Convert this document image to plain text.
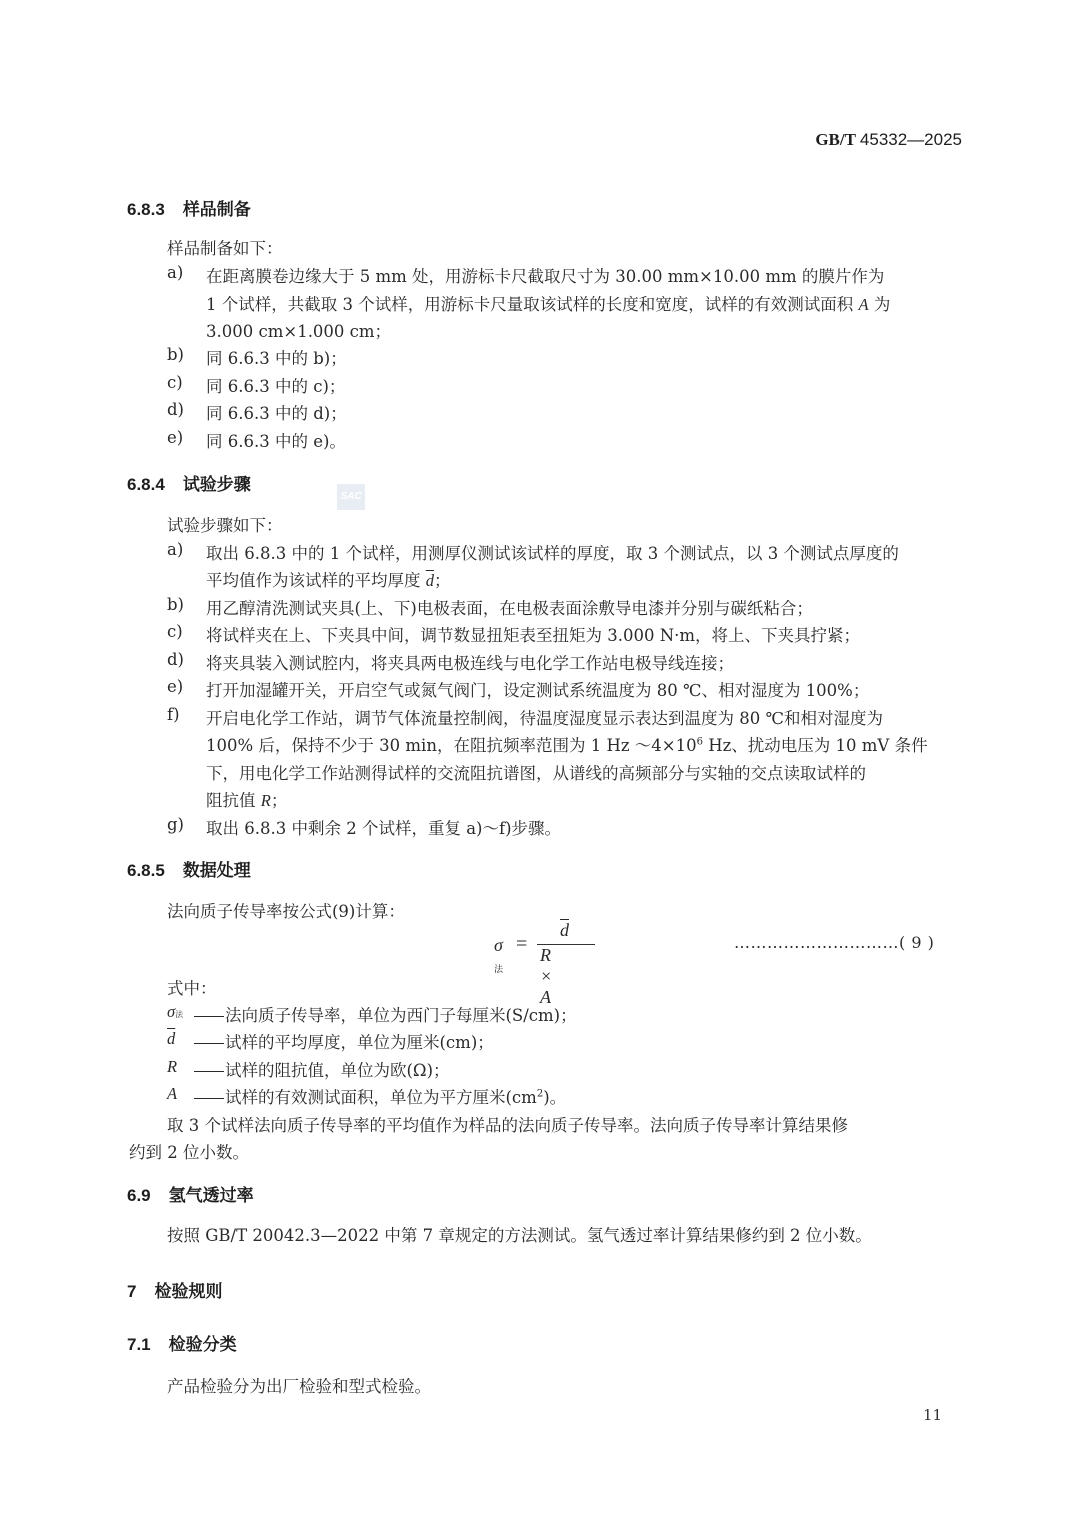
GB/T 45332—2025
6.8.3 样品制备
样品制备如下：
a) 在距离膜卷边缘大于 5 mm 处，用游标卡尺截取尺寸为 30.00 mm×10.00 mm 的膜片作为
1 个试样，共截取 3 个试样，用游标卡尺量取该试样的长度和宽度，试样的有效测试面积 A 为
3.000 cm×1.000 cm；
b) 同 6.6.3 中的 b)；
c) 同 6.6.3 中的 c)；
d) 同 6.6.3 中的 d)；
e) 同 6.6.3 中的 e)。
6.8.4 试验步骤
SAC
试验步骤如下：
a) 取出 6.8.3 中的 1 个试样，用测厚仪测试该试样的厚度，取 3 个测试点，以 3 个测试点厚度的
平均值作为该试样的平均厚度 $\overline{d}$；
b) 用乙醇清洗测试夹具(上、下)电极表面，在电极表面涂敷导电漆并分别与碳纸粘合；
c) 将试样夹在上、下夹具中间，调节数显扭矩表至扭矩为 3.000 N·m，将上、下夹具拧紧；
d) 将夹具装入测试腔内，将夹具两电极连线与电化学工作站电极导线连接；
e) 打开加湿罐开关，开启空气或氮气阀门，设定测试系统温度为 80 ℃、相对湿度为 100%；
f) 开启电化学工作站，调节气体流量控制阀，待温度湿度显示表达到温度为 80 ℃和相对湿度为
100% 后，保持不少于 30 min，在阻抗频率范围为 1 Hz $\sim 4\times 10^6$ Hz、扰动电压为 10 mV 条件
下，用电化学工作站测得试样的交流阻抗谱图，从谱线的高频部分与实轴的交点读取试样的
阻抗值 R；
g) 取出 6.8.3 中剩余 2 个试样，重复 a)～f)步骤。
6.8.5 数据处理
法向质子传导率按公式(9)计算：
σ法
=
$\overline{d}$
R × A
…………………………( 9 )
式中：
σ法	法向质子传导率，单位为西门子每厘米(S/cm)；
$\overline{d}$	试样的平均厚度，单位为厘米(cm)；
R	试样的阻抗值，单位为欧(Ω)；
A	试样的有效测试面积，单位为平方厘米$(cm^2)$。
取 3 个试样法向质子传导率的平均值作为样品的法向质子传导率。法向质子传导率计算结果修
约到 2 位小数。
6.9 氢气透过率
按照 GB/T 20042.3—2022 中第 7 章规定的方法测试。氢气透过率计算结果修约到 2 位小数。
7 检验规则
7.1 检验分类
产品检验分为出厂检验和型式检验。
11
